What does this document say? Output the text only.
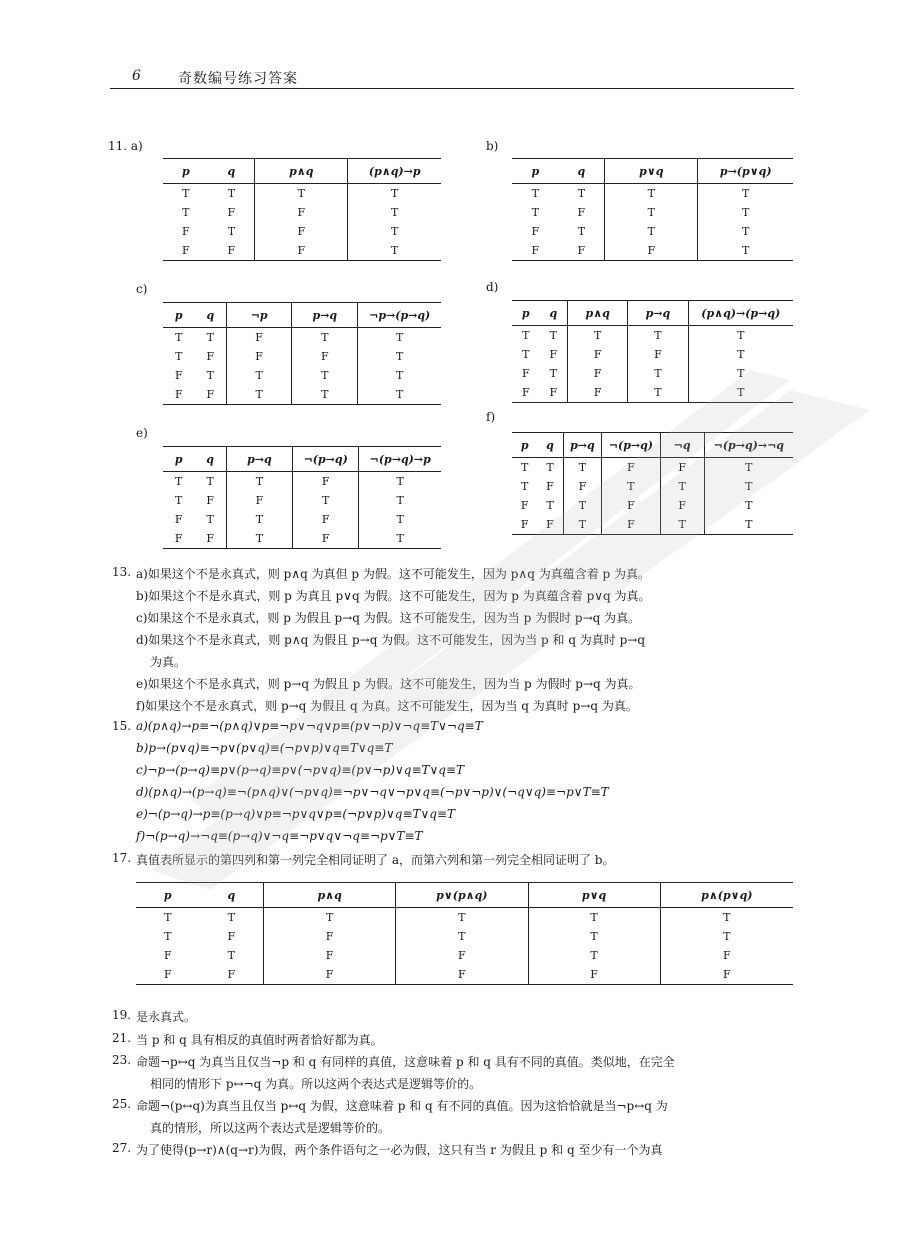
6	奇数编号练习答案
11. a)	b)
c)	d)
e)
f)
p	q	p∧q	(p∧q)→p
T	T	T	T
T	F	F	T
F	T	F	T
F	F	F	T
p	q	p∨q	p→(p∨q)
T	T	T	T
T	F	T	T
F	T	T	T
F	F	F	T
p	q	¬p	p→q	¬p→(p→q)
T	T	F	T	T
T	F	F	F	T
F	T	T	T	T
F	F	T	T	T
p	q	p∧q	p→q	(p∧q)→(p→q)
T	T	T	T	T
T	F	F	F	T
F	T	F	T	T
F	F	F	T	T
p	q	p→q	¬(p→q)	¬(p→q)→p
T	T	T	F	T
T	F	F	T	T
F	T	T	F	T
F	F	T	F	T
p	q	p→q	¬(p→q)	¬q	¬(p→q)→¬q
T	T	T	F	F	T
T	F	F	T	T	T
F	T	T	F	F	T
F	F	T	F	T	T
13. a)如果这个不是永真式，则 p∧q 为真但 p 为假。这不可能发生，因为 p∧q 为真蕴含着 p 为真。
b)如果这个不是永真式，则 p 为真且 p∨q 为假。这不可能发生，因为 p 为真蕴含着 p∨q 为真。
c)如果这个不是永真式，则 p 为假且 p→q 为假。这不可能发生，因为当 p 为假时 p→q 为真。
d)如果这个不是永真式，则 p∧q 为假且 p→q 为假。这不可能发生，因为当 p 和 q 为真时 p→q
为真。
e)如果这个不是永真式，则 p→q 为假且 p 为假。这不可能发生，因为当 p 为假时 p→q 为真。
f)如果这个不是永真式，则 p→q 为假且 q 为真。这不可能发生，因为当 q 为真时 p→q 为真。
15. a)(p∧q)→p≡¬(p∧q)∨p≡¬p∨¬q∨p≡(p∨¬p)∨¬q≡T∨¬q≡T
b)p→(p∨q)≡¬p∨(p∨q)≡(¬p∨p)∨q≡T∨q≡T
c)¬p→(p→q)≡p∨(p→q)≡p∨(¬p∨q)≡(p∨¬p)∨q≡T∨q≡T
d)(p∧q)→(p→q)≡¬(p∧q)∨(¬p∨q)≡¬p∨¬q∨¬p∨q≡(¬p∨¬p)∨(¬q∨q)≡¬p∨T≡T
e)¬(p→q)→p≡(p→q)∨p≡¬p∨q∨p≡(¬p∨p)∨q≡T∨q≡T
f)¬(p→q)→¬q≡(p→q)∨¬q≡¬p∨q∨¬q≡¬p∨T≡T
17. 真值表所显示的第四列和第一列完全相同证明了 a，而第六列和第一列完全相同证明了 b。
p	q	p∧q	p∨(p∧q)	p∨q	p∧(p∨q)
T	T	T	T	T	T
T	F	F	T	T	T
F	T	F	F	T	F
F	F	F	F	F	F
19. 是永真式。
21. 当 p 和 q 具有相反的真值时两者恰好都为真。
23. 命题¬p↔q 为真当且仅当¬p 和 q 有同样的真值，这意味着 p 和 q 具有不同的真值。类似地，在完全
相同的情形下 p↔¬q 为真。所以这两个表达式是逻辑等价的。
25. 命题¬(p↔q)为真当且仅当 p↔q 为假，这意味着 p 和 q 有不同的真值。因为这恰恰就是当¬p↔q 为
真的情形，所以这两个表达式是逻辑等价的。
27. 为了使得(p→r)∧(q→r)为假，两个条件语句之一必为假，这只有当 r 为假且 p 和 q 至少有一个为真
